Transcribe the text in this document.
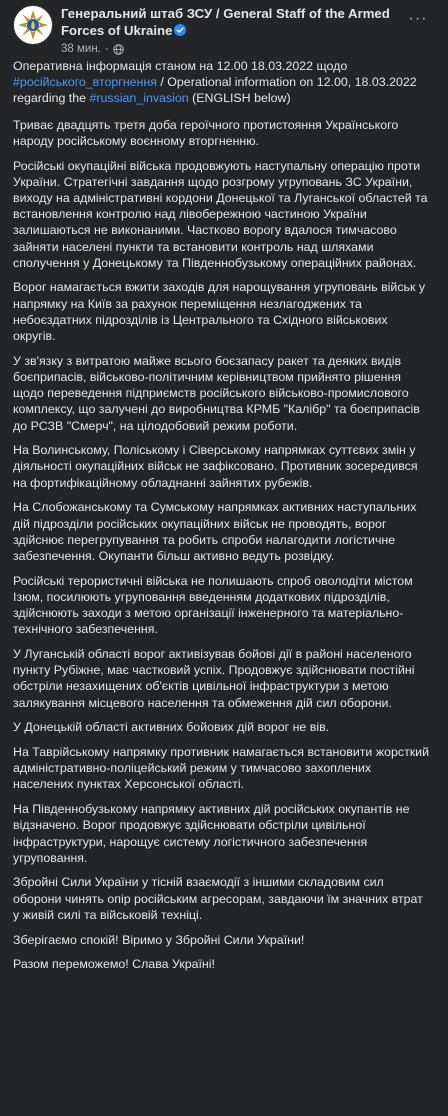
Генеральний штаб ЗСУ / General Staff of the Armed Forces of Ukraine
38 мин. ·
···

Оперативна інформація станом на 12.00 18.03.2022 щодо #російського_вторгнення / Operational information on 12.00, 18.03.2022 regarding the #russian_invasion (ENGLISH below)

Триває двадцять третя доба героїчного протистояння Українського народу російському воєнному вторгненню.

Російські окупаційні війська продовжують наступальну операцію проти України. Стратегічні завдання щодо розгрому угруповань ЗС України, виходу на адміністративні кордони Донецької та Луганської областей та встановлення контролю над лівобережною частиною України залишаються не виконаними. Частково ворогу вдалося тимчасово зайняти населені пункти та встановити контроль над шляхами сполучення у Донецькому та Південнобузькому операційних районах.

Ворог намагається вжити заходів для нарощування угруповань військ у напрямку на Київ за рахунок переміщення незлагоджених та небоєздатних підрозділів із Центрального та Східного військових округів.

У зв'язку з витратою майже всього боєзапасу ракет та деяких видів боєприпасів, військово-політичним керівництвом прийнято рішення щодо переведення підприємств російського військово-промислового комплексу, що залучені до виробництва КРМБ "Калібр" та боєприпасів до РСЗВ "Смерч", на цілодобовий режим роботи.

На Волинському, Поліському і Сіверському напрямках суттєвих змін у діяльності окупаційних військ не зафіксовано. Противник зосередився на фортифікаційному обладнанні зайнятих рубежів.

На Слобожанському та Сумському напрямках активних наступальних дій підрозділи російських окупаційних військ не проводять, ворог здійснює перегрупування та робить спроби налагодити логістичне забезпечення. Окупанти більш активно ведуть розвідку.

Російські терористичні війська не полишають спроб оволодіти містом Ізюм, посилюють угруповання введенням додаткових підрозділів, здійснюють заходи з метою організації інженерного та матеріально-технічного забезпечення.

У Луганській області ворог активізував бойові дії в районі населеного пункту Рубіжне, має частковий успіх. Продовжує здійснювати постійні обстріли незахищених об'єктів цивільної інфраструктури з метою залякування місцевого населення та обмеження дій сил оборони.

У Донецькій області активних бойових дій ворог не вів.

На Таврійському напрямку противник намагається встановити жорсткий адміністративно-поліцейський режим у тимчасово захоплених населених пунктах Херсонської області.

На Південнобузькому напрямку активних дій російських окупантів не відзначено. Ворог продовжує здійснювати обстріли цивільної інфраструктури, нарощує систему логістичного забезпечення угруповання.

Збройні Сили України у тісній взаємодії з іншими складовим сил оборони чинять опір російським агресорам, завдаючи їм значних втрат у живій силі та військовій техніці.

Зберігаємо спокій! Віримо у Збройні Сили України!

Разом переможемо! Слава Україні!
